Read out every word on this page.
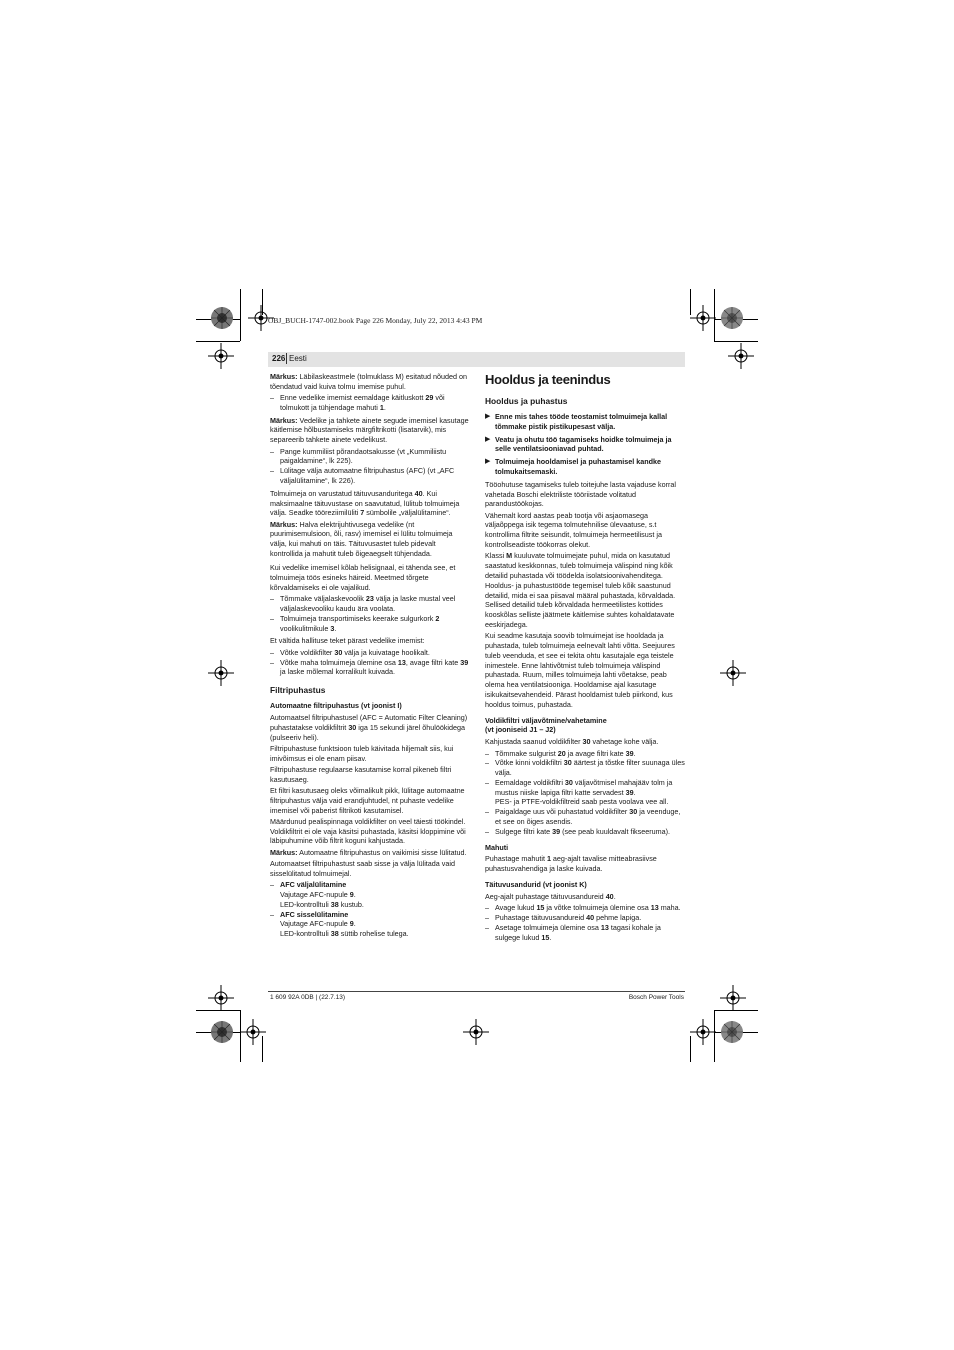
OBJ_BUCH-1747-002.book Page 226 Monday, July 22, 2013 4:43 PM
226 Eesti

Märkus: Läbilaskeastmele (tolmuklass M) esitatud nõuded on tõendatud vaid kuiva tolmu imemise puhul.

– Enne vedelike imemist eemaldage käitluskott 29 või tolmukott ja tühjendage mahuti 1.

Märkus: Vedelike ja tahkete ainete segude imemisel kasutage käitlemise hõlbustamiseks märgfiltrikotti (lisatarvik), mis separeerib tahkete ainete vedelikust.

– Pange kummiliist põrandaotsakusse (vt „Kummiliistu paigaldamine“, lk 225).
– Lülitage välja automaatne filtripuhastus (AFC) (vt „AFC väljalülitamine“, lk 226).

Tolmuimeja on varustatud täituvusanduritega 40. Kui maksimaalne täituvustase on saavutatud, lülitub tolmuimeja välja. Seadke tööreziimilüliti 7 sümbolile „väljalülitamine“.

Märkus: Halva elektrijuhtivusega vedelike (nt puurimisemulsioon, õli, rasv) imemisel ei lülitu tolmuimeja välja, kui mahuti on täis. Täituvusastet tuleb pidevalt kontrollida ja mahutit tuleb õigeaegselt tühjendada.

Kui vedelike imemisel kõlab helisignaal, ei tähenda see, et tolmuimeja töös esineks häireid. Meetmed tõrgete kõrvaldamiseks ei ole vajalikud.

– Tõmmake väljalaskevoolik 23 välja ja laske mustal veel väljalaskevooliku kaudu ära voolata.
– Tolmuimeja transportimiseks keerake sulgurkork 2 voolikulitmikule 3.

Et vältida hallituse teket pärast vedelike imemist:

– Võtke voldikfilter 30 välja ja kuivatage hoolikalt.
– Võtke maha tolmuimeja ülemine osa 13, avage filtri kate 39 ja laske mõlemal korralikult kuivada.
Filtripuhastus
Automaatne filtripuhastus (vt joonist I)

Automaatsel filtripuhastusel (AFC = Automatic Filter Cleaning) puhastatakse voldikfiltrit 30 iga 15 sekundi järel õhulöökidega (pulseeriv heli).

Filtripuhastuse funktsioon tuleb käivitada hiljemalt siis, kui imivõimsus ei ole enam piisav.

Filtripuhastuse regulaarse kasutamise korral pikeneb filtri kasutusaeg.

Et filtri kasutusaeg oleks võimalikult pikk, lülitage automaatne filtripuhastus välja vaid erandjuhtudel, nt puhaste vedelike imemisel või paberist filtrikoti kasutamisel.

Määrdunud pealispinnaga voldikfilter on veel täiesti töökindel. Voldikfiltrit ei ole vaja käsitsi puhastada, käsitsi kloppimine või läbipuhumine võib filtrit koguni kahjustada.

Märkus: Automaatne filtripuhastus on vaikimisi sisse lülitatud.

Automaatset filtripuhastust saab sisse ja välja lülitada vaid sisselülitatud tolmuimejal.

– AFC väljalülitamine
Vajutage AFC-nupule 9.
LED-kontrolltuli 38 kustub.
– AFC sisselülitamine
Vajutage AFC-nupule 9.
LED-kontrolltuli 38 süttib rohelise tulega.
Hooldus ja teenindus
Hooldus ja puhastus
▶ Enne mis tahes tööde teostamist tolmuimeja kallal tõmmake pistik pistikupesast välja.
▶ Veatu ja ohutu töö tagamiseks hoidke tolmuimeja ja selle ventilatsiooniavad puhtad.
▶ Tolmuimeja hooldamisel ja puhastamisel kandke tolmukaitsemaski.

Tööohutuse tagamiseks tuleb toitejuhe lasta vajaduse korral vahetada Boschi elektriliste tööriistade volitatud parandustöökojas.

Vähemalt kord aastas peab tootja või asjaomasega väljaõppega isik tegema tolmutehnilise ülevaatuse, s.t kontrollima filtrite seisundit, tolmuimeja hermeetilisust ja kontrollseadiste töökorras olekut.

Klassi M kuuluvate tolmuimejate puhul, mida on kasutatud saastatud keskkonnas, tuleb tolmuimeja välispind ning kõik detailid puhastada või töödelda isolatsioonivahenditega. Hooldus- ja puhastustööde tegemisel tuleb kõik saastunud detailid, mida ei saa piisaval määral puhastada, kõrvaldada. Sellised detailid tuleb kõrvaldada hermeetilistes kottides kooskõlas selliste jäätmete käitlemise suhtes kohaldatavate eeskirjadega.

Kui seadme kasutaja soovib tolmuimejat ise hooldada ja puhastada, tuleb tolmuimeja eelnevalt lahti võtta. Seejuures tuleb veenduda, et see ei tekita ohtu kasutajale ega teistele inimestele. Enne lahtivõtmist tuleb tolmuimeja välispind puhastada. Ruum, milles tolmuimeja lahti võetakse, peab olema hea ventilatsiooniga. Hooldamise ajal kasutage isikukaitsevahendeid. Pärast hooldamist tuleb piirkond, kus hooldus toimus, puhastada.

Voldikfiltri väljavõtmine/vahetamine
(vt jooniseid J1 – J2)

Kahjustada saanud voldikfilter 30 vahetage kohe välja.

– Tõmmake sulgurist 20 ja avage filtri kate 39.
– Võtke kinni voldikfiltri 30 äärtest ja tõstke filter suunaga üles välja.
– Eemaldage voldikfiltri 30 väljavõtmisel mahajääv tolm ja mustus niiske lapiga filtri katte servadest 39.
PES- ja PTFE-voldikfiltreid saab pesta voolava vee all.
– Paigaldage uus või puhastatud voldikfilter 30 ja veenduge, et see on õiges asendis.
– Sulgege filtri kate 39 (see peab kuuldavalt fikseeruma).
Mahuti

Puhastage mahutit 1 aeg-ajalt tavalise mitteabrasiivse puhastusvahendiga ja laske kuivada.

Täituvusandurid (vt joonist K)

Aeg-ajalt puhastage täituvusandureid 40.

– Avage lukud 15 ja võtke tolmuimeja ülemine osa 13 maha.
– Puhastage täituvusandureid 40 pehme lapiga.
– Asetage tolmuimeja ülemine osa 13 tagasi kohale ja sulgege lukud 15.
1 609 92A 0DB | (22.7.13)	Bosch Power Tools
